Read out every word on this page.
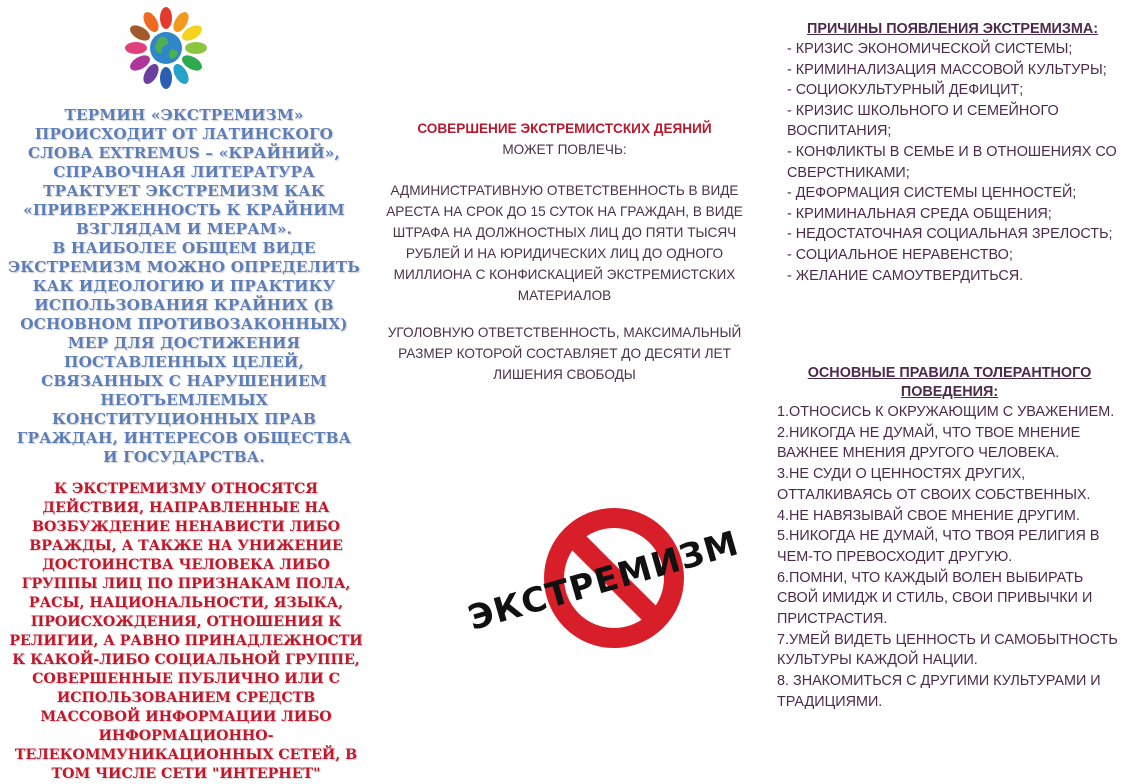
ТЕРМИН «ЭКСТРЕМИЗМ» ПРОИСХОДИТ ОТ ЛАТИНСКОГО СЛОВА EXTREMUS – «КРАЙНИЙ», СПРАВОЧНАЯ ЛИТЕРАТУРА ТРАКТУЕТ ЭКСТРЕМИЗМ КАК «ПРИВЕРЖЕННОСТЬ К КРАЙНИМ ВЗГЛЯДАМ И МЕРАМ».

В НАИБОЛЕЕ ОБЩЕМ ВИДЕ ЭКСТРЕМИЗМ МОЖНО ОПРЕДЕЛИТЬ КАК ИДЕОЛОГИЮ И ПРАКТИКУ ИСПОЛЬЗОВАНИЯ КРАЙНИХ (В ОСНОВНОМ ПРОТИВОЗАКОННЫХ) МЕР ДЛЯ ДОСТИЖЕНИЯ ПОСТАВЛЕННЫХ ЦЕЛЕЙ, СВЯЗАННЫХ С НАРУШЕНИЕМ НЕОТЪЕМЛЕМЫХ КОНСТИТУЦИОННЫХ ПРАВ ГРАЖДАН, ИНТЕРЕСОВ ОБЩЕСТВА И ГОСУДАРСТВА.

К ЭКСТРЕМИЗМУ ОТНОСЯТСЯ ДЕЙСТВИЯ, НАПРАВЛЕННЫЕ НА ВОЗБУЖДЕНИЕ НЕНАВИСТИ ЛИБО ВРАЖДЫ, А ТАКЖЕ НА УНИЖЕНИЕ ДОСТОИНСТВА ЧЕЛОВЕКА ЛИБО ГРУППЫ ЛИЦ ПО ПРИЗНАКАМ ПОЛА, РАСЫ, НАЦИОНАЛЬНОСТИ, ЯЗЫКА, ПРОИСХОЖДЕНИЯ, ОТНОШЕНИЯ К РЕЛИГИИ, А РАВНО ПРИНАДЛЕЖНОСТИ К КАКОЙ-ЛИБО СОЦИАЛЬНОЙ ГРУППЕ, СОВЕРШЕННЫЕ ПУБЛИЧНО ИЛИ С ИСПОЛЬЗОВАНИЕМ СРЕДСТВ МАССОВОЙ ИНФОРМАЦИИ ЛИБО ИНФОРМАЦИОННО-ТЕЛЕКОММУНИКАЦИОННЫХ СЕТЕЙ, В ТОМ ЧИСЛЕ СЕТИ "ИНТЕРНЕТ"
СОВЕРШЕНИЕ ЭКСТРЕМИСТСКИХ ДЕЯНИЙ
МОЖЕТ ПОВЛЕЧЬ:
АДМИНИСТРАТИВНУЮ ОТВЕТСТВЕННОСТЬ В ВИДЕ АРЕСТА НА СРОК ДО 15 СУТОК НА ГРАЖДАН, В ВИДЕ ШТРАФА НА ДОЛЖНОСТНЫХ ЛИЦ ДО ПЯТИ ТЫСЯЧ РУБЛЕЙ И НА ЮРИДИЧЕСКИХ ЛИЦ ДО ОДНОГО МИЛЛИОНА С КОНФИСКАЦИЕЙ ЭКСТРЕМИСТСКИХ МАТЕРИАЛОВ
УГОЛОВНУЮ ОТВЕТСТВЕННОСТЬ, МАКСИМАЛЬНЫЙ РАЗМЕР КОТОРОЙ СОСТАВЛЯЕТ ДО ДЕСЯТИ ЛЕТ ЛИШЕНИЯ СВОБОДЫ
ЭКСТРЕМИЗМ
ПРИЧИНЫ ПОЯВЛЕНИЯ ЭКСТРЕМИЗМА:
- КРИЗИС ЭКОНОМИЧЕСКОЙ СИСТЕМЫ;
- КРИМИНАЛИЗАЦИЯ МАССОВОЙ КУЛЬТУРЫ;
- СОЦИОКУЛЬТУРНЫЙ ДЕФИЦИТ;
- КРИЗИС ШКОЛЬНОГО И СЕМЕЙНОГО ВОСПИТАНИЯ;
- КОНФЛИКТЫ В СЕМЬЕ И В ОТНОШЕНИЯХ СО СВЕРСТНИКАМИ;
- ДЕФОРМАЦИЯ СИСТЕМЫ ЦЕННОСТЕЙ;
- КРИМИНАЛЬНАЯ СРЕДА ОБЩЕНИЯ;
- НЕДОСТАТОЧНАЯ СОЦИАЛЬНАЯ ЗРЕЛОСТЬ;
- СОЦИАЛЬНОЕ НЕРАВЕНСТВО;
- ЖЕЛАНИЕ САМОУТВЕРДИТЬСЯ.
ОСНОВНЫЕ ПРАВИЛА ТОЛЕРАНТНОГО ПОВЕДЕНИЯ:
1.ОТНОСИСЬ К ОКРУЖАЮЩИМ С УВАЖЕНИЕМ.
2.НИКОГДА НЕ ДУМАЙ, ЧТО ТВОЕ МНЕНИЕ ВАЖНЕЕ МНЕНИЯ ДРУГОГО ЧЕЛОВЕКА.
3.НЕ СУДИ О ЦЕННОСТЯХ ДРУГИХ, ОТТАЛКИВАЯСЬ ОТ СВОИХ СОБСТВЕННЫХ.
4.НЕ НАВЯЗЫВАЙ СВОЕ МНЕНИЕ ДРУГИМ.
5.НИКОГДА НЕ ДУМАЙ, ЧТО ТВОЯ РЕЛИГИЯ В ЧЕМ-ТО ПРЕВОСХОДИТ ДРУГУЮ.
6.ПОМНИ, ЧТО КАЖДЫЙ ВОЛЕН ВЫБИРАТЬ СВОЙ ИМИДЖ И СТИЛЬ, СВОИ ПРИВЫЧКИ И ПРИСТРАСТИЯ.
7.УМЕЙ ВИДЕТЬ ЦЕННОСТЬ И САМОБЫТНОСТЬ КУЛЬТУРЫ КАЖДОЙ НАЦИИ.
8. ЗНАКОМИТЬСЯ С ДРУГИМИ КУЛЬТУРАМИ И ТРАДИЦИЯМИ.
